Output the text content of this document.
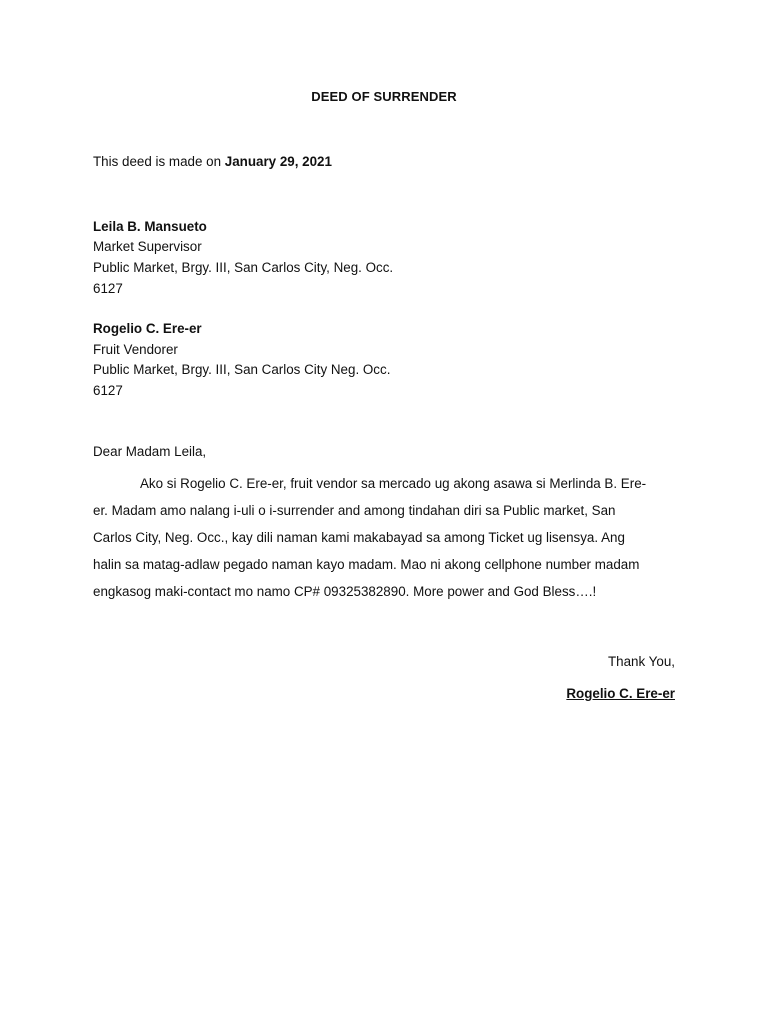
DEED OF SURRENDER
This deed is made on January 29, 2021
Leila B. Mansueto
Market Supervisor
Public Market, Brgy. III, San Carlos City, Neg. Occ.
6127
Rogelio C. Ere-er
Fruit Vendorer
Public Market, Brgy. III, San Carlos City Neg. Occ.
6127
Dear Madam Leila,
Ako si Rogelio C. Ere-er, fruit vendor sa mercado ug akong asawa si Merlinda B. Ere-
er. Madam amo nalang i-uli o i-surrender and among tindahan diri sa Public market, San
Carlos City, Neg. Occ., kay dili naman kami makabayad sa among Ticket ug lisensya. Ang
halin sa matag-adlaw pegado naman kayo madam. Mao ni akong cellphone number madam
engkasog maki-contact mo namo CP# 09325382890. More power and God Bless….!
Thank You,
Rogelio C. Ere-er
